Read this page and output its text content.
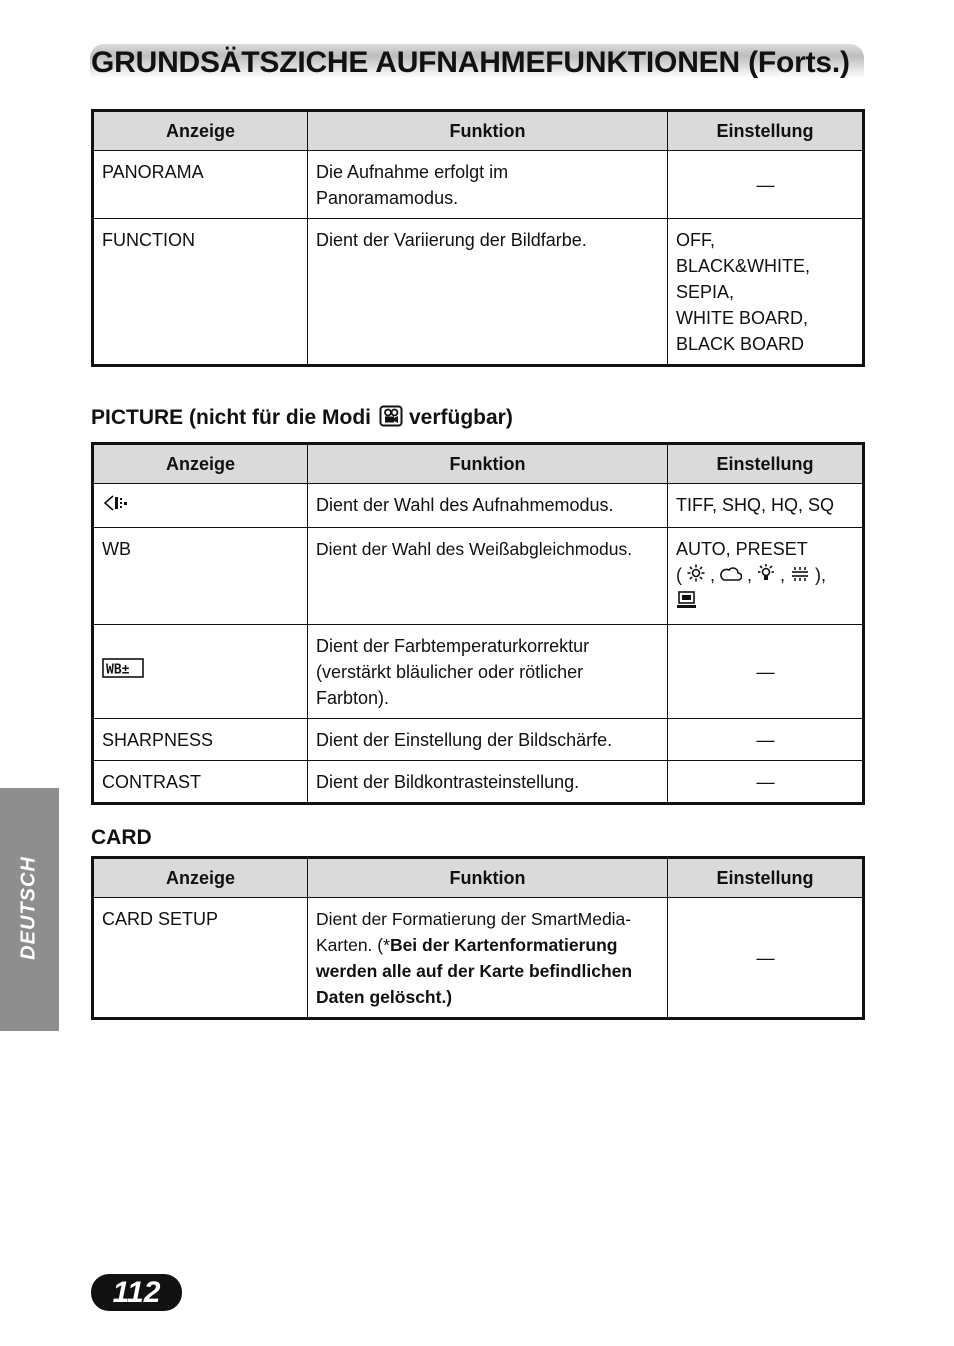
GRUNDSÄTSZICHE AUFNAHMEFUNKTIONEN (Forts.)
Anzeige	Funktion	Einstellung
PANORAMA	Die Aufnahme erfolgt im
Panoramamodus.	—
FUNCTION	Dient der Variierung der Bildfarbe.	OFF,
BLACK&WHITE,
SEPIA,
WHITE BOARD,
BLACK BOARD
PICTURE (nicht für die Modi verfügbar)
Anzeige	Funktion	Einstellung
	Dient der Wahl des Aufnahmemodus.	TIFF, SHQ, HQ, SQ
WB	Dient der Wahl des Weißabgleichmodus.	AUTO, PRESET
(  ,  ,  ,  ),

WB±	Dient der Farbtemperaturkorrektur
(verstärkt bläulicher oder rötlicher
Farbton).	—
SHARPNESS	Dient der Einstellung der Bildschärfe.	—
CONTRAST	Dient der Bildkontrasteinstellung.	—
CARD
Anzeige	Funktion	Einstellung
CARD SETUP	Dient der Formatierung der SmartMedia-
Karten. (*Bei der Kartenformatierung
werden alle auf der Karte befindlichen
Daten gelöscht.)	—
DEUTSCH
112
